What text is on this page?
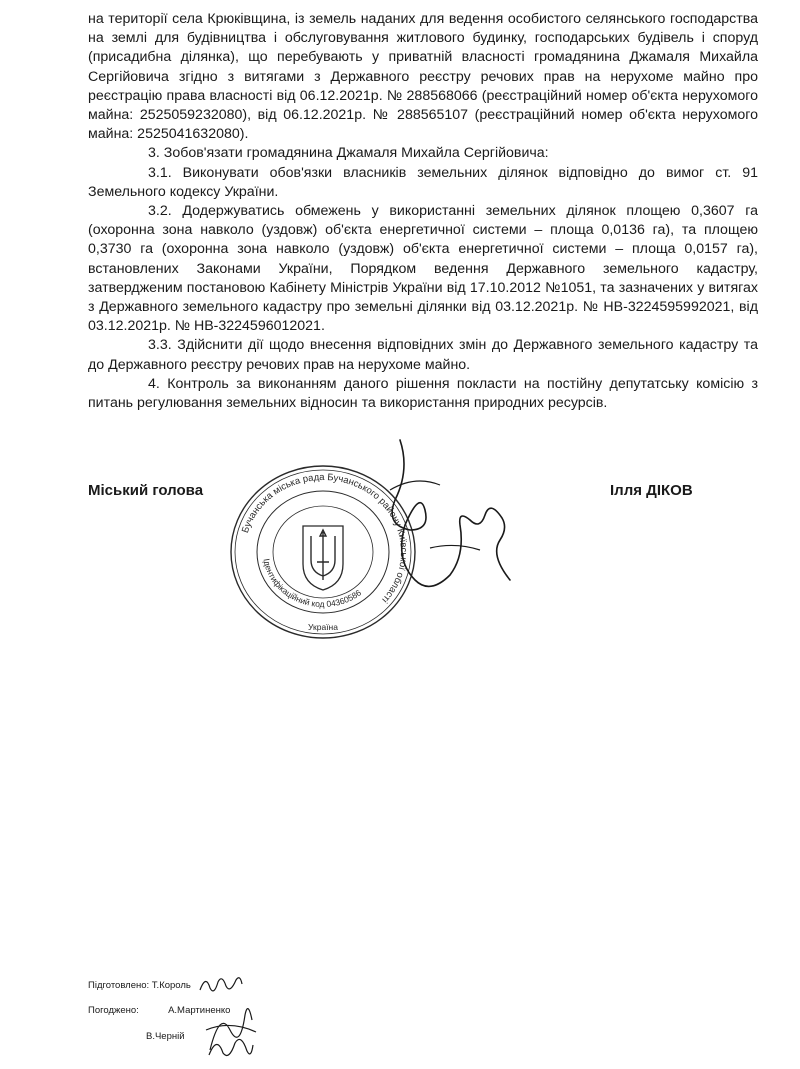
на території села Крюківщина, із земель наданих для ведення особистого селянського господарства на землі для будівництва і обслуговування житлового будинку, господарських будівель і споруд (присадибна ділянка), що перебувають у приватній власності громадянина Джамаля Михайла Сергійовича згідно з витягами з Державного реєстру речових прав на нерухоме майно про реєстрацію права власності від 06.12.2021р. № 288568066 (реєстраційний номер об'єкта нерухомого майна: 2525059232080), від 06.12.2021р. № 288565107 (реєстраційний номер об'єкта нерухомого майна: 2525041632080).

3. Зобов'язати громадянина Джамаля Михайла Сергійовича:

3.1. Виконувати обов'язки власників земельних ділянок відповідно до вимог ст. 91 Земельного кодексу України.

3.2. Додержуватись обмежень у використанні земельних ділянок площею 0,3607 га (охоронна зона навколо (уздовж) об'єкта енергетичної системи – площа 0,0136 га), та площею 0,3730 га (охоронна зона навколо (уздовж) об'єкта енергетичної системи – площа 0,0157 га), встановлених Законами України, Порядком ведення Державного земельного кадастру, затвердженим постановою Кабінету Міністрів України від 17.10.2012 №1051, та зазначених у витягах з Державного земельного кадастру про земельні ділянки від 03.12.2021р. № НВ-3224595992021, від 03.12.2021р. № НВ-3224596012021.

3.3. Здійснити дії щодо внесення відповідних змін до Державного земельного кадастру та до Державного реєстру речових прав на нерухоме майно.

4. Контроль за виконанням даного рішення покласти на постійну депутатську комісію з питань регулювання земельних відносин та використання природних ресурсів.

Міський голова	Ілля ДІКОВ
Бучанська міська рада Бучанського району Київської області
Ідентифікаційний код 04360586
Україна
Підготовлено: Т.Король
Погоджено:	А.Мартиненко
В.Черній
